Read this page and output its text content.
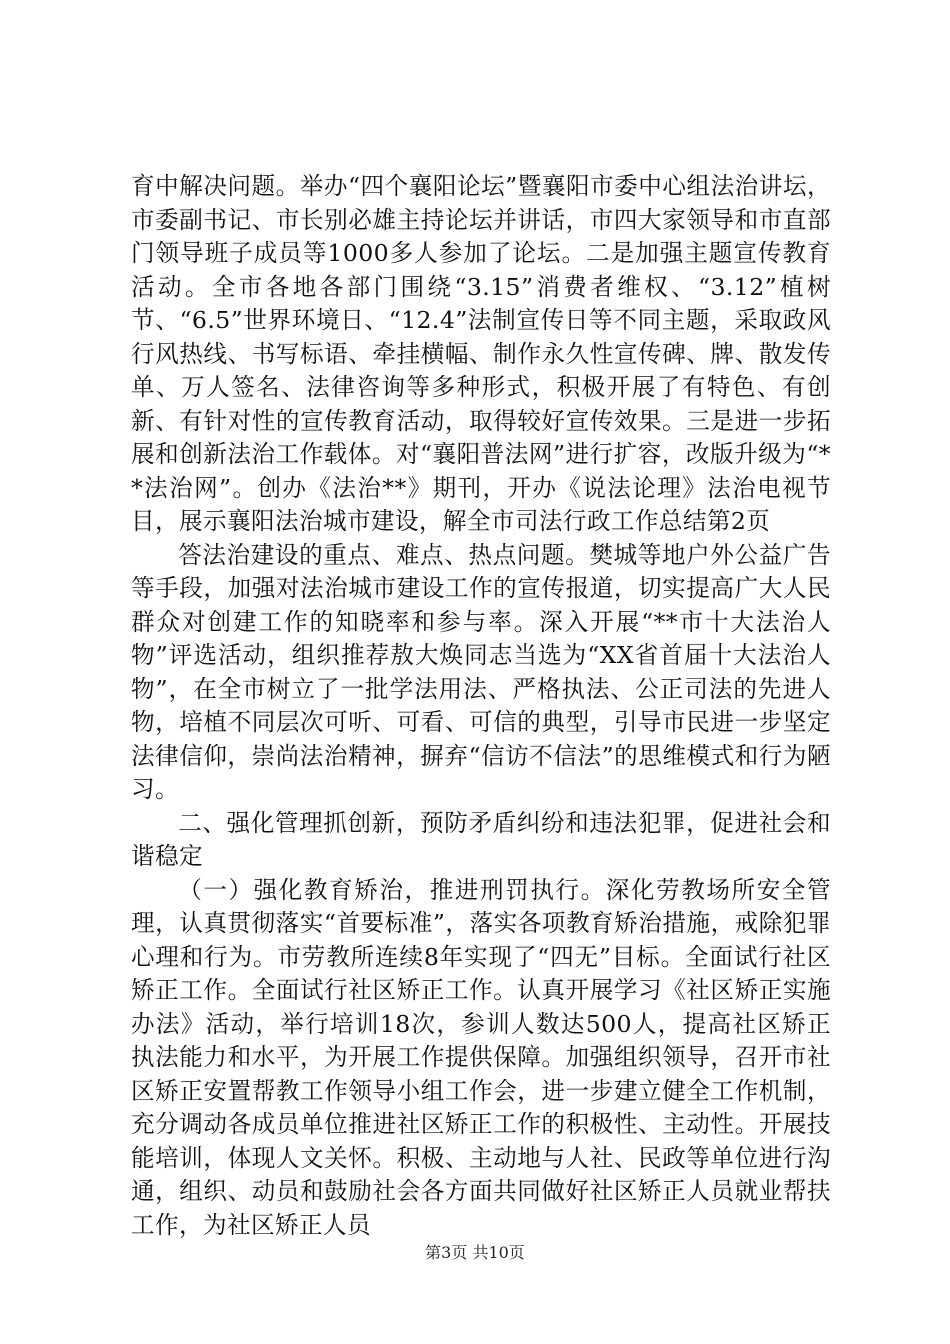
育中解决问题。举办“四个襄阳论坛”暨襄阳市委中心组法治讲坛，市委副书记、市长别必雄主持论坛并讲话，市四大家领导和市直部门领导班子成员等1000多人参加了论坛。二是加强主题宣传教育活动。全市各地各部门围绕“3.15”消费者维权、“3.12”植树节、“6.5”世界环境日、“12.4”法制宣传日等不同主题，采取政风行风热线、书写标语、牵挂横幅、制作永久性宣传碑、牌、散发传单、万人签名、法律咨询等多种形式，积极开展了有特色、有创新、有针对性的宣传教育活动，取得较好宣传效果。三是进一步拓展和创新法治工作载体。对“襄阳普法网”进行扩容，改版升级为“**法治网”。创办《法治**》期刊，开办《说法论理》法治电视节目，展示襄阳法治城市建设，解全市司法行政工作总结第2页

答法治建设的重点、难点、热点问题。樊城等地户外公益广告等手段，加强对法治城市建设工作的宣传报道，切实提高广大人民群众对创建工作的知晓率和参与率。深入开展“**市十大法治人物”评选活动，组织推荐敖大焕同志当选为“XX省首届十大法治人物”，在全市树立了一批学法用法、严格执法、公正司法的先进人物，培植不同层次可听、可看、可信的典型，引导市民进一步坚定法律信仰，崇尚法治精神，摒弃“信访不信法”的思维模式和行为陋习。

二、强化管理抓创新，预防矛盾纠纷和违法犯罪，促进社会和谐稳定

（一）强化教育矫治，推进刑罚执行。深化劳教场所安全管理，认真贯彻落实“首要标准”，落实各项教育矫治措施，戒除犯罪心理和行为。市劳教所连续8年实现了“四无”目标。全面试行社区矫正工作。全面试行社区矫正工作。认真开展学习《社区矫正实施办法》活动，举行培训18次，参训人数达500人，提高社区矫正执法能力和水平，为开展工作提供保障。加强组织领导，召开市社区矫正安置帮教工作领导小组工作会，进一步建立健全工作机制，充分调动各成员单位推进社区矫正工作的积极性、主动性。开展技能培训，体现人文关怀。积极、主动地与人社、民政等单位进行沟通，组织、动员和鼓励社会各方面共同做好社区矫正人员就业帮扶工作，为社区矫正人员

第3页 共10页
